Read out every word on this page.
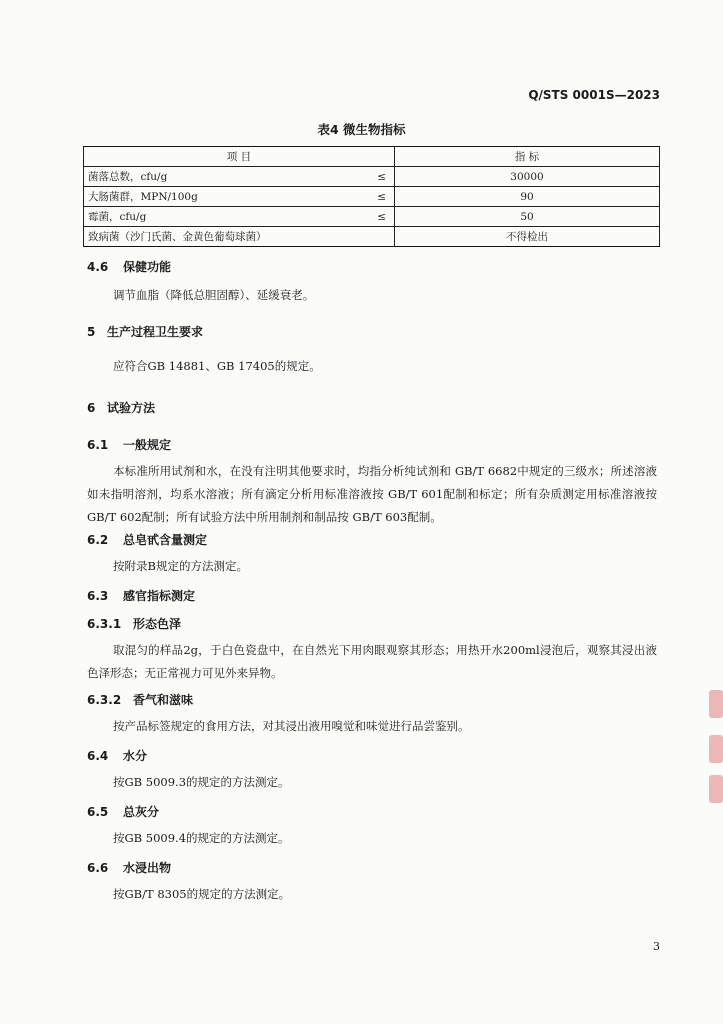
Q/STS 0001S—2023
表4 微生物指标
项 目		指 标
菌落总数，cfu/g	≤	30000
大肠菌群，MPN/100g	≤	90
霉菌，cfu/g	≤	50
致病菌（沙门氏菌、金黄色葡萄球菌）		不得检出
4.6 保健功能
调节血脂（降低总胆固醇）、延缓衰老。
5 生产过程卫生要求
应符合GB 14881、GB 17405的规定。
6 试验方法
6.1 一般规定
本标准所用试剂和水，在没有注明其他要求时，均指分析纯试剂和 GB/T 6682中规定的三级水；所述溶液如未指明溶剂，均系水溶液；所有滴定分析用标准溶液按 GB/T 601配制和标定；所有杂质测定用标准溶液按 GB/T 602配制；所有试验方法中所用制剂和制品按 GB/T 603配制。
6.2 总皂甙含量测定
按附录B规定的方法测定。
6.3 感官指标测定
6.3.1 形态色泽
取混匀的样品2g，于白色瓷盘中，在自然光下用肉眼观察其形态；用热开水200ml浸泡后，观察其浸出液色泽形态；无正常视力可见外来异物。
6.3.2 香气和滋味
按产品标签规定的食用方法，对其浸出液用嗅觉和味觉进行品尝鉴别。
6.4 水分
按GB 5009.3的规定的方法测定。
6.5 总灰分
按GB 5009.4的规定的方法测定。
6.6 水浸出物
按GB/T 8305的规定的方法测定。
3
